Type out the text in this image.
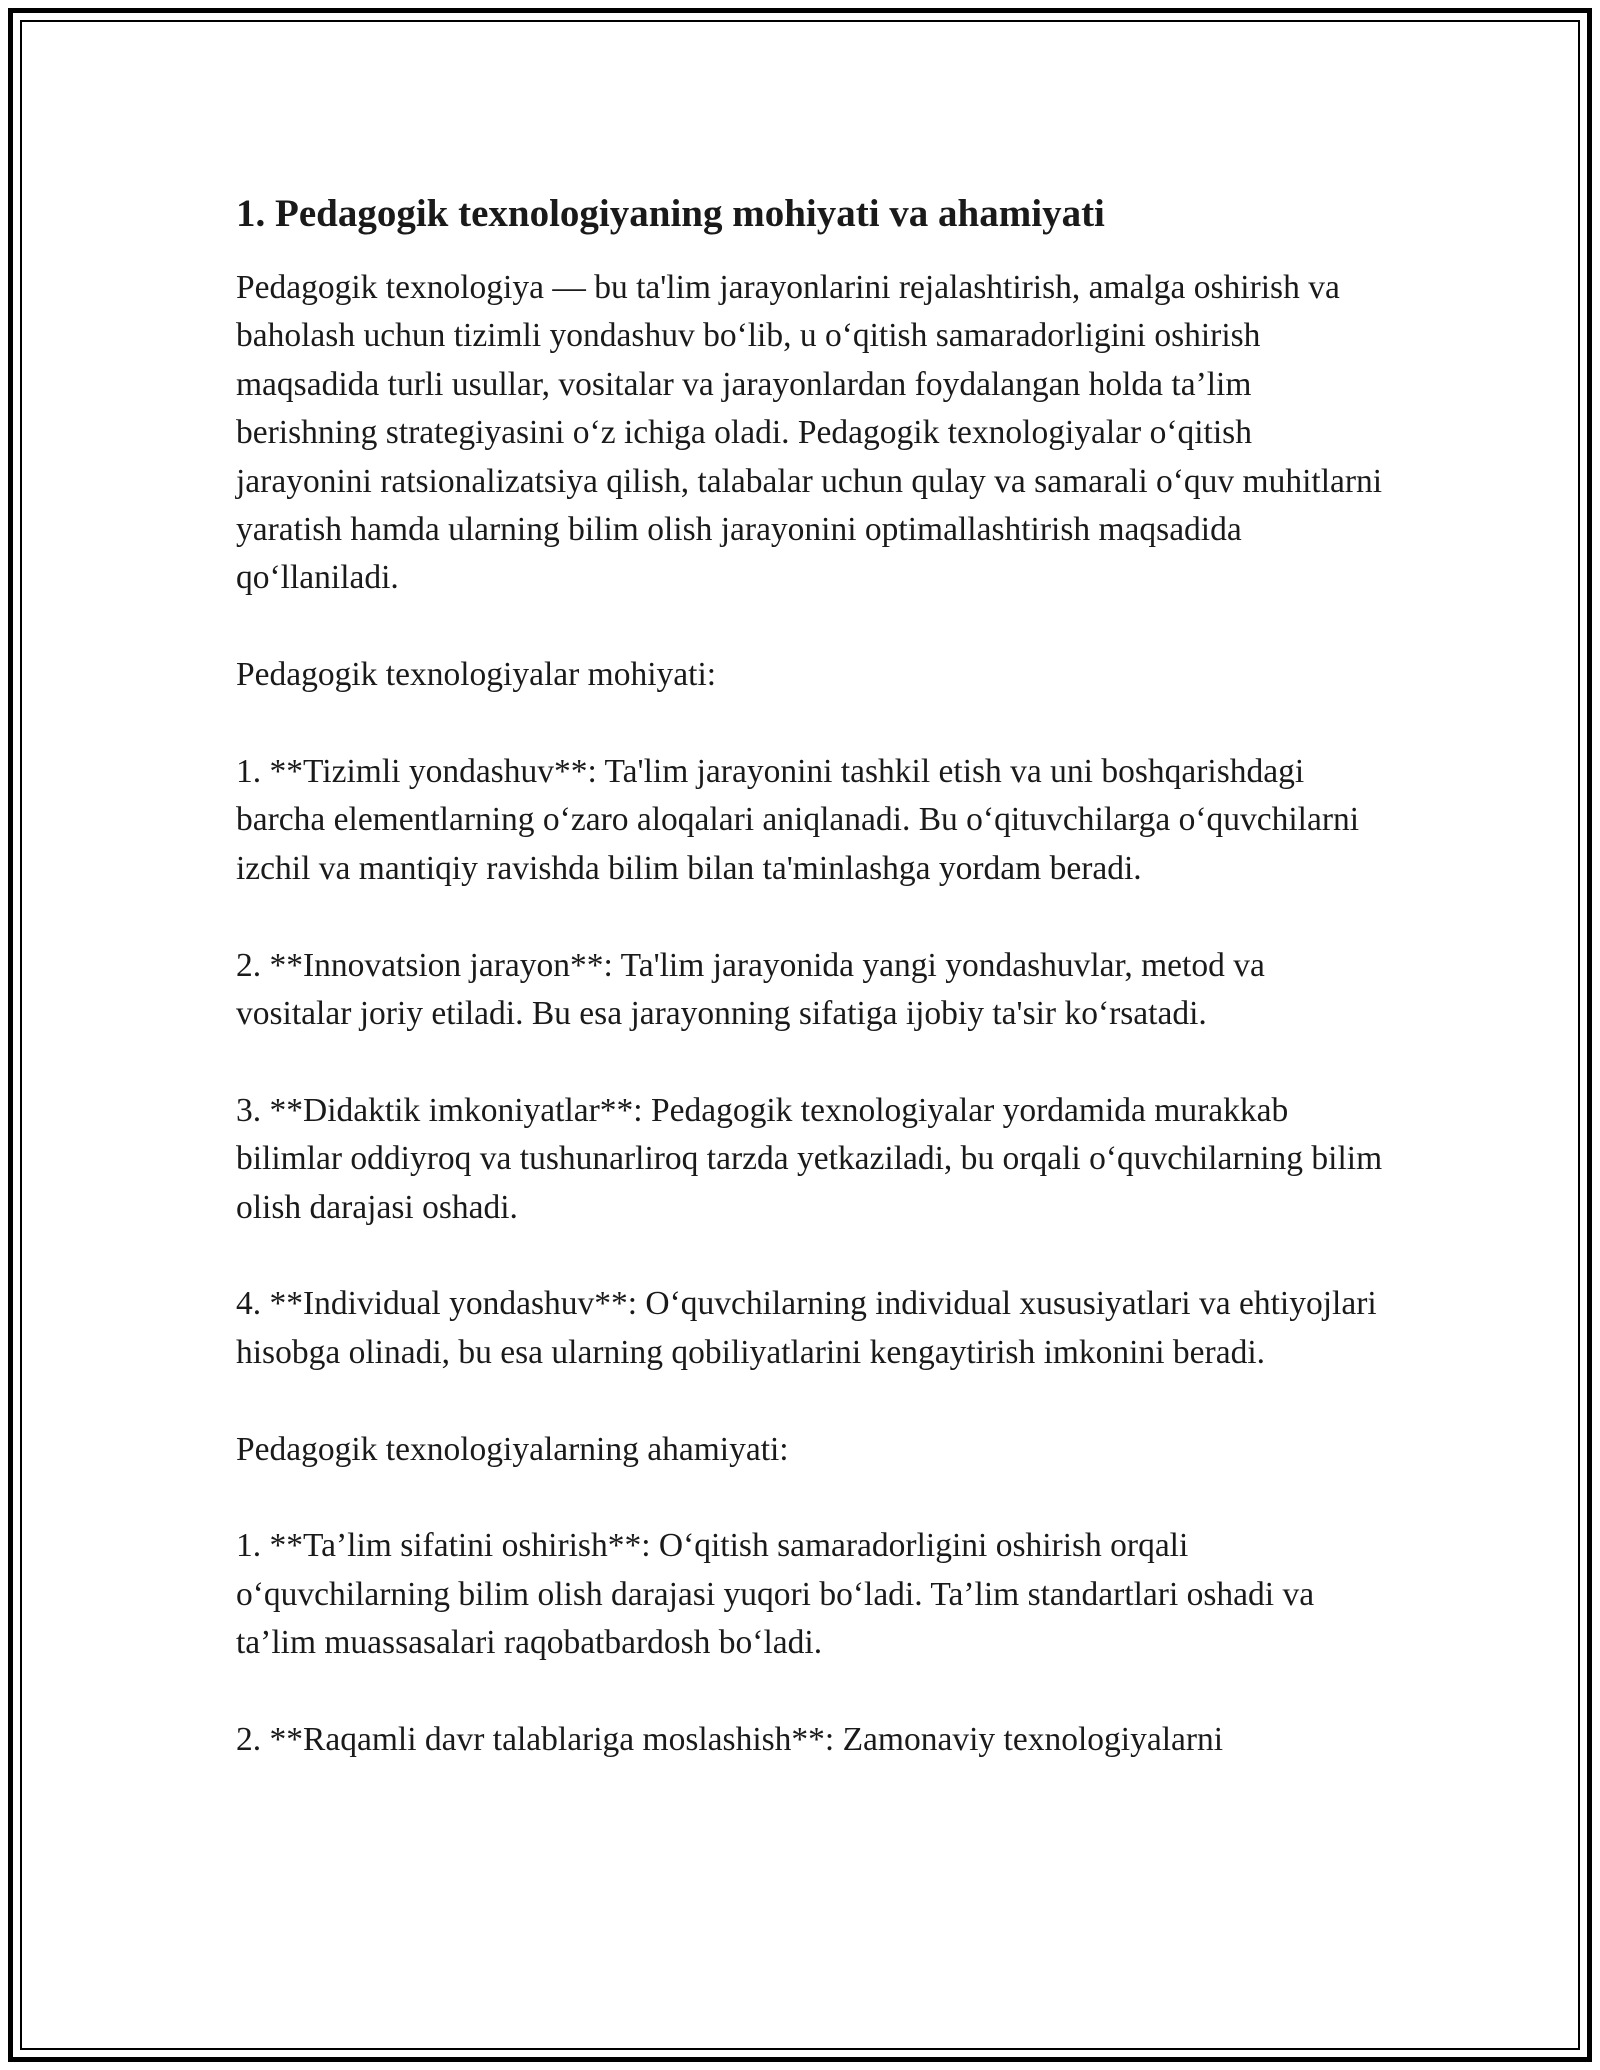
1. Pedagogik texnologiyaning mohiyati va ahamiyati

Pedagogik texnologiya — bu ta'lim jarayonlarini rejalashtirish, amalga oshirish va baholash uchun tizimli yondashuv bo‘lib, u o‘qitish samaradorligini oshirish maqsadida turli usullar, vositalar va jarayonlardan foydalangan holda ta’lim berishning strategiyasini o‘z ichiga oladi. Pedagogik texnologiyalar o‘qitish jarayonini ratsionalizatsiya qilish, talabalar uchun qulay va samarali o‘quv muhitlarni yaratish hamda ularning bilim olish jarayonini optimallashtirish maqsadida qo‘llaniladi.

Pedagogik texnologiyalar mohiyati:

1. **Tizimli yondashuv**: Ta'lim jarayonini tashkil etish va uni boshqarishdagi barcha elementlarning o‘zaro aloqalari aniqlanadi. Bu o‘qituvchilarga o‘quvchilarni izchil va mantiqiy ravishda bilim bilan ta'minlashga yordam beradi.

2. **Innovatsion jarayon**: Ta'lim jarayonida yangi yondashuvlar, metod va vositalar joriy etiladi. Bu esa jarayonning sifatiga ijobiy ta'sir ko‘rsatadi.

3. **Didaktik imkoniyatlar**: Pedagogik texnologiyalar yordamida murakkab bilimlar oddiyroq va tushunarliroq tarzda yetkaziladi, bu orqali o‘quvchilarning bilim olish darajasi oshadi.

4. **Individual yondashuv**: O‘quvchilarning individual xususiyatlari va ehtiyojlari hisobga olinadi, bu esa ularning qobiliyatlarini kengaytirish imkonini beradi.

Pedagogik texnologiyalarning ahamiyati:

1. **Ta’lim sifatini oshirish**: O‘qitish samaradorligini oshirish orqali o‘quvchilarning bilim olish darajasi yuqori bo‘ladi. Ta’lim standartlari oshadi va ta’lim muassasalari raqobatbardosh bo‘ladi.

2. **Raqamli davr talablariga moslashish**: Zamonaviy texnologiyalarni
